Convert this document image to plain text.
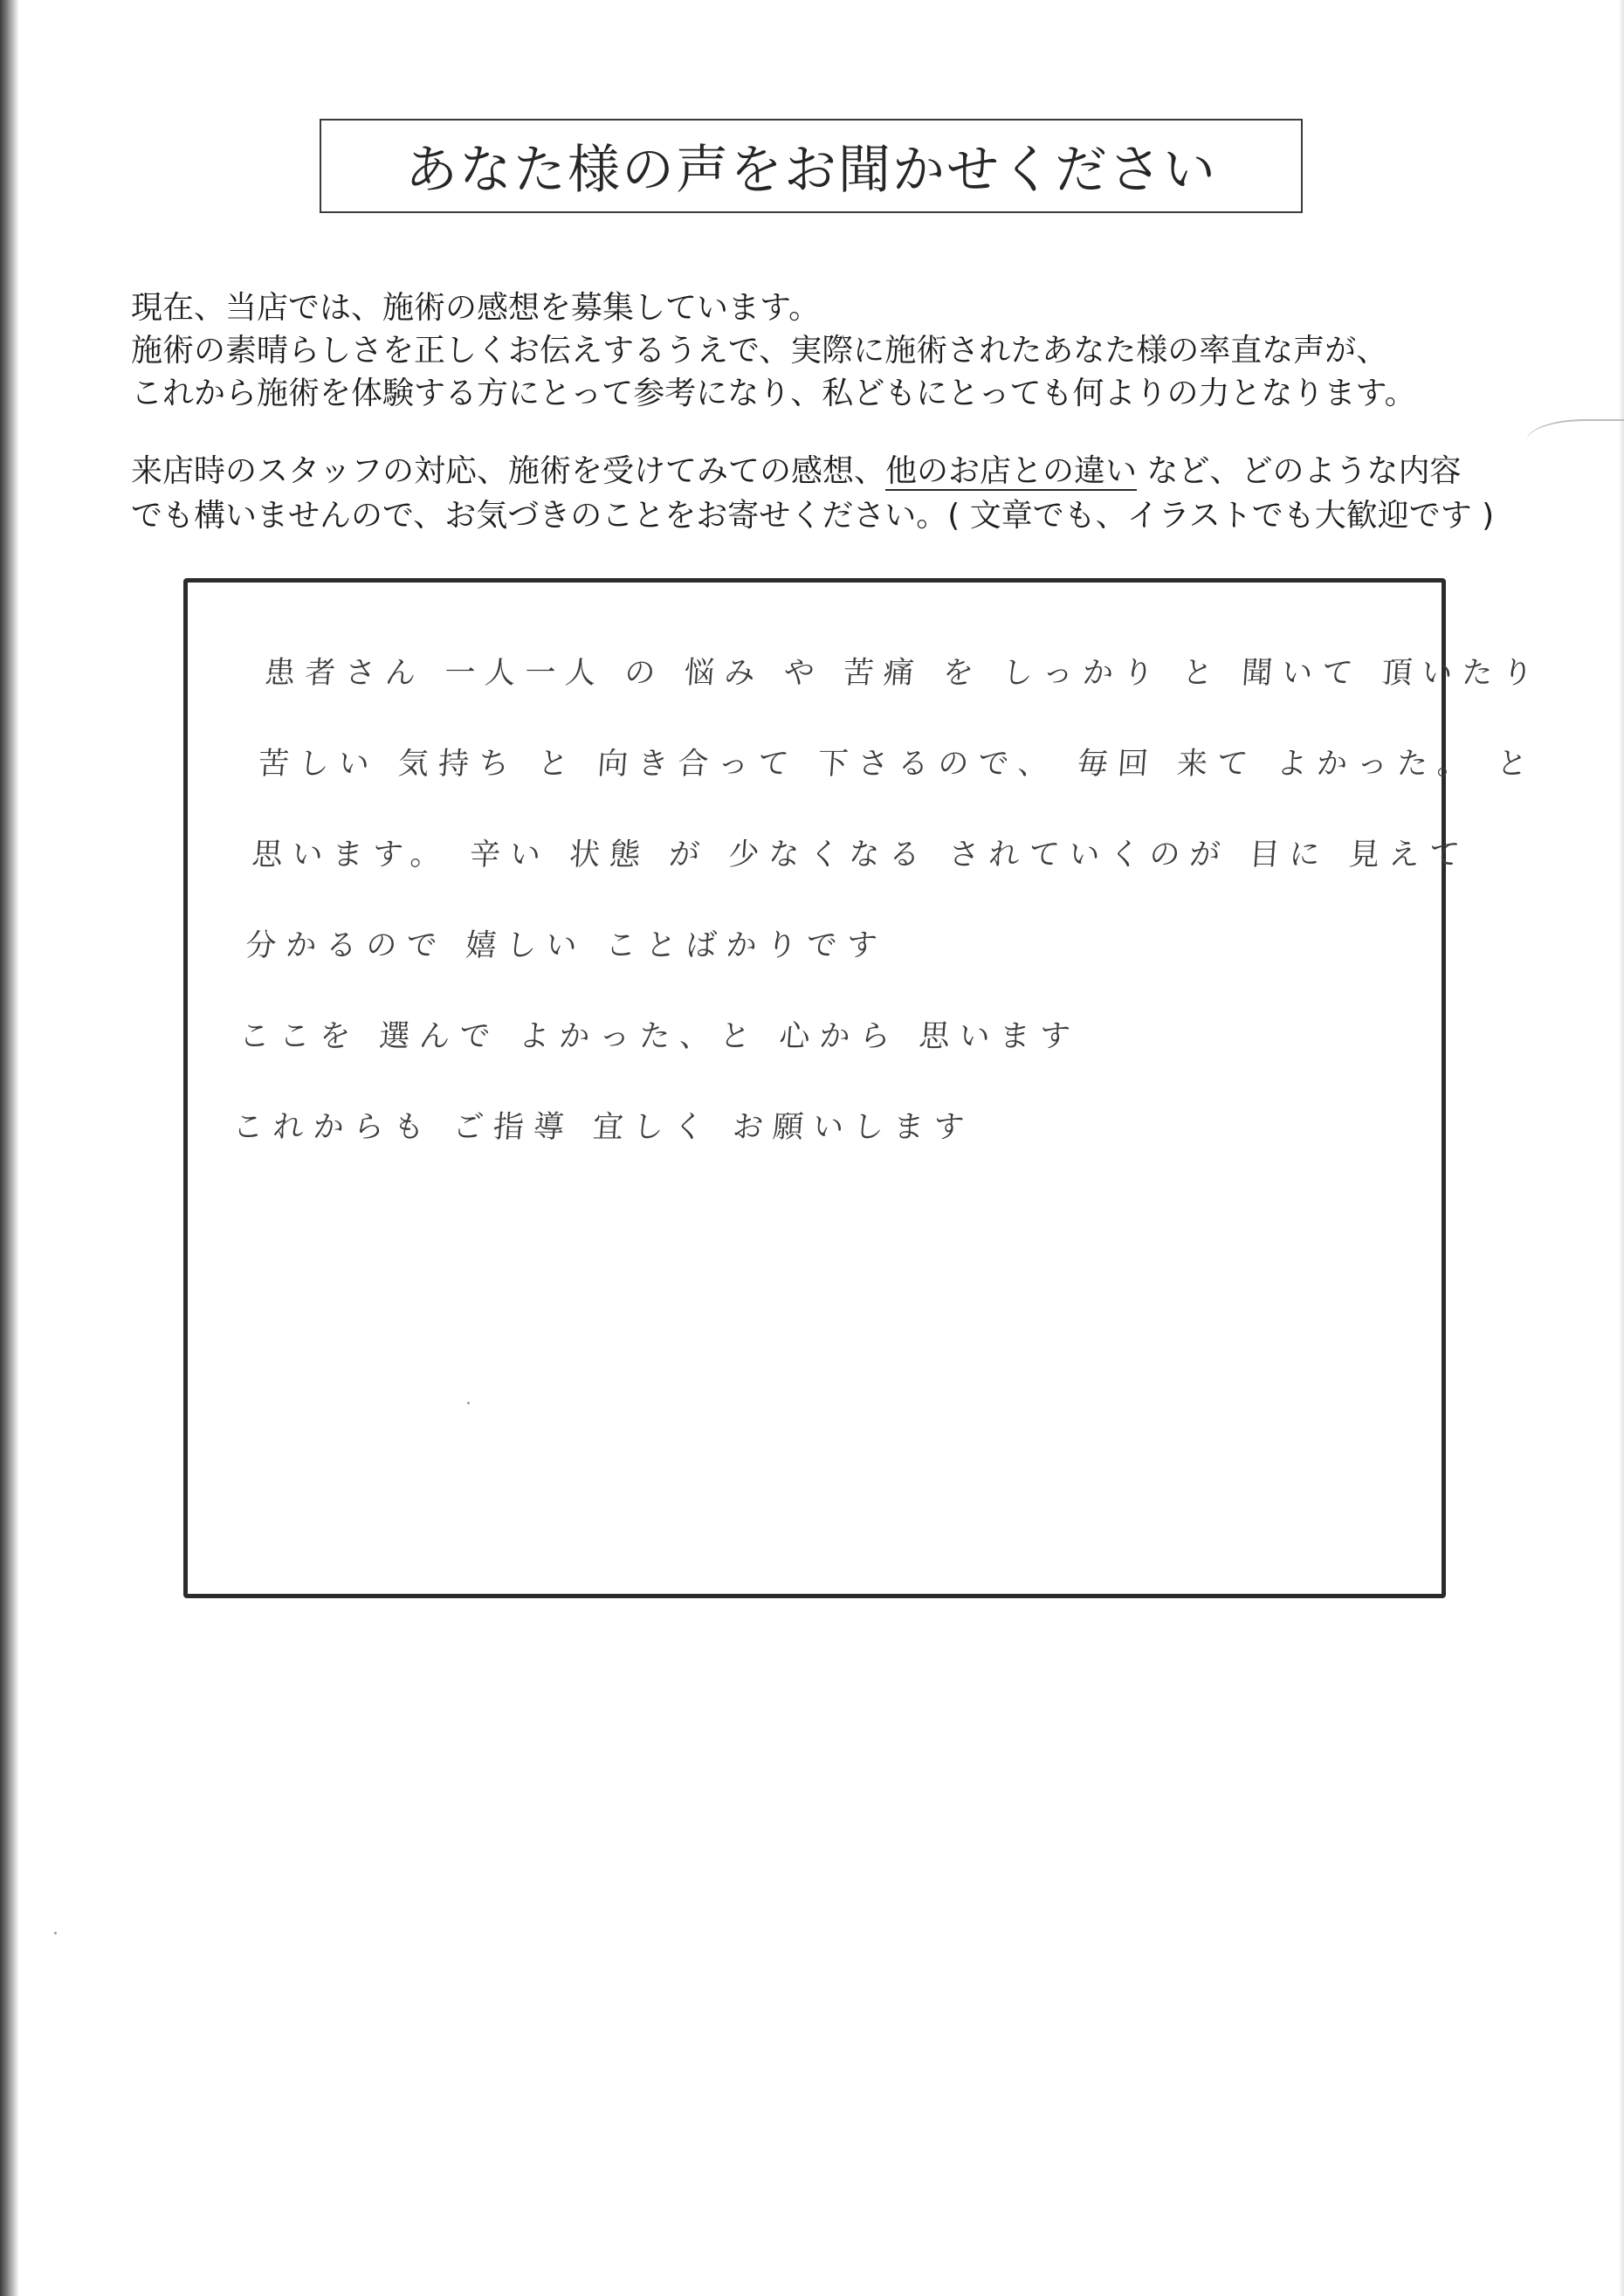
あなた様の声をお聞かせください
現在、当店では、施術の感想を募集しています。
施術の素晴らしさを正しくお伝えするうえで、実際に施術されたあなた様の率直な声が、
これから施術を体験する方にとって参考になり、私どもにとっても何よりの力となります。
来店時のスタッフの対応、施術を受けてみての感想、他のお店との違い など、どのような内容
でも構いませんので、お気づきのことをお寄せください。( 文章でも、イラストでも大歓迎です )
患者さん 一人一人 の 悩み や 苦痛 を しっかり と 聞いて 頂いたり
苦しい 気持ち と 向き合って 下さるので、 毎回 来て よかった。 と
思います。 辛い 状態 が 少なくなる されていくのが 目に 見えて
分かるので 嬉しい ことばかりです
ここを 選んで よかった、と 心から 思います
これからも ご指導 宜しく お願いします
